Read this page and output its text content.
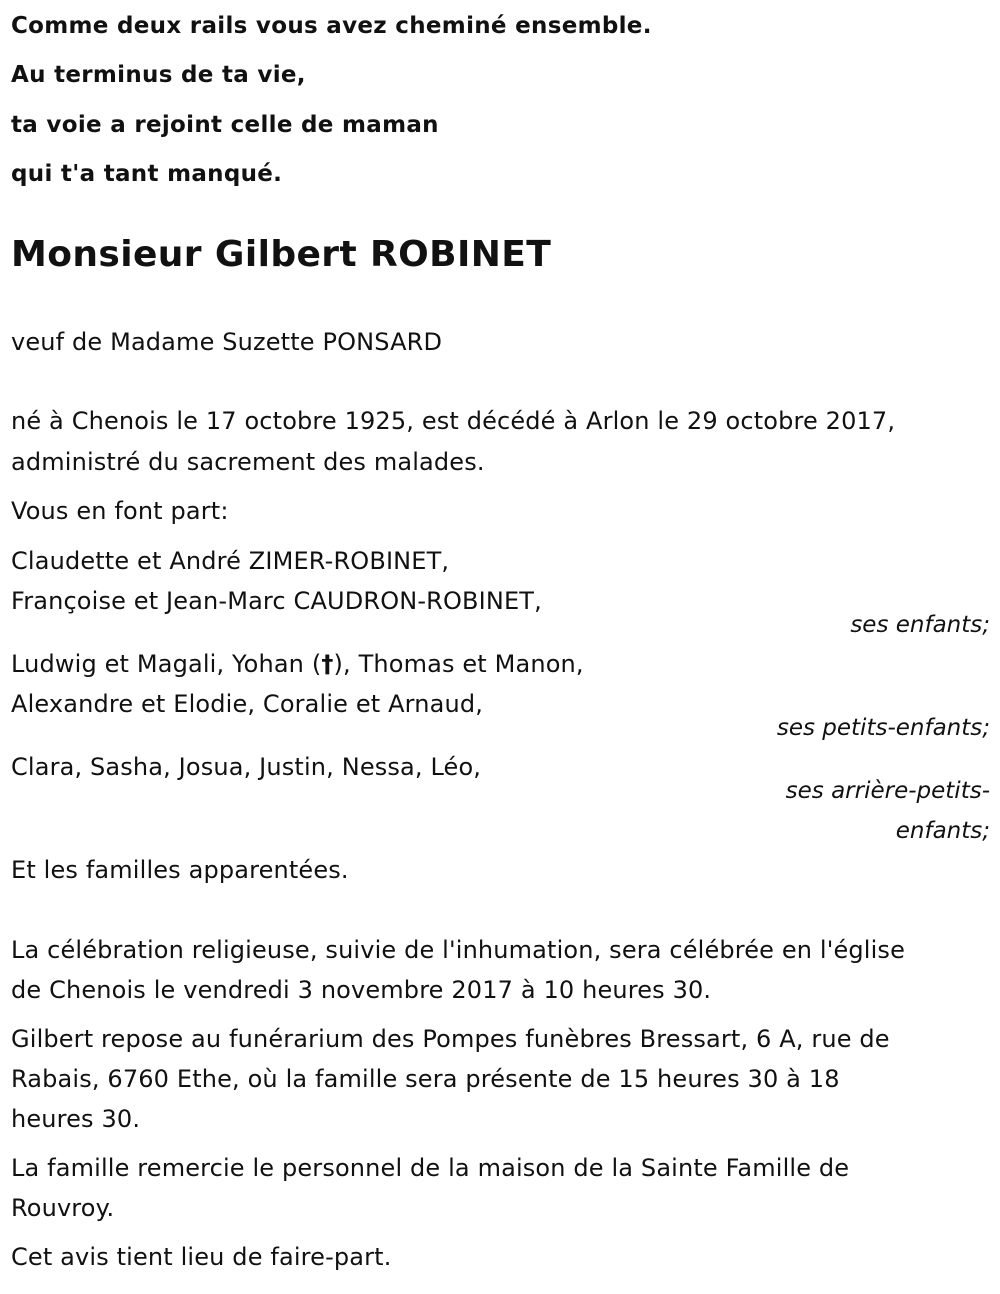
Comme deux rails vous avez cheminé ensemble.
Au terminus de ta vie,
ta voie a rejoint celle de maman
qui t'a tant manqué.
Monsieur Gilbert ROBINET
veuf de Madame Suzette PONSARD
né à Chenois le 17 octobre 1925, est décédé à Arlon le 29 octobre 2017,
administré du sacrement des malades.
Vous en font part:
Claudette et André ZIMER-ROBINET,
Françoise et Jean-Marc CAUDRON-ROBINET,
ses enfants;
Ludwig et Magali, Yohan (†), Thomas et Manon,
Alexandre et Elodie, Coralie et Arnaud,
ses petits-enfants;
Clara, Sasha, Josua, Justin, Nessa, Léo,
ses arrière-petits-
enfants;
Et les familles apparentées.
La célébration religieuse, suivie de l'inhumation, sera célébrée en l'église
de Chenois le vendredi 3 novembre 2017 à 10 heures 30.
Gilbert repose au funérarium des Pompes funèbres Bressart, 6 A, rue de
Rabais, 6760 Ethe, où la famille sera présente de 15 heures 30 à 18
heures 30.
La famille remercie le personnel de la maison de la Sainte Famille de
Rouvroy.
Cet avis tient lieu de faire-part.
